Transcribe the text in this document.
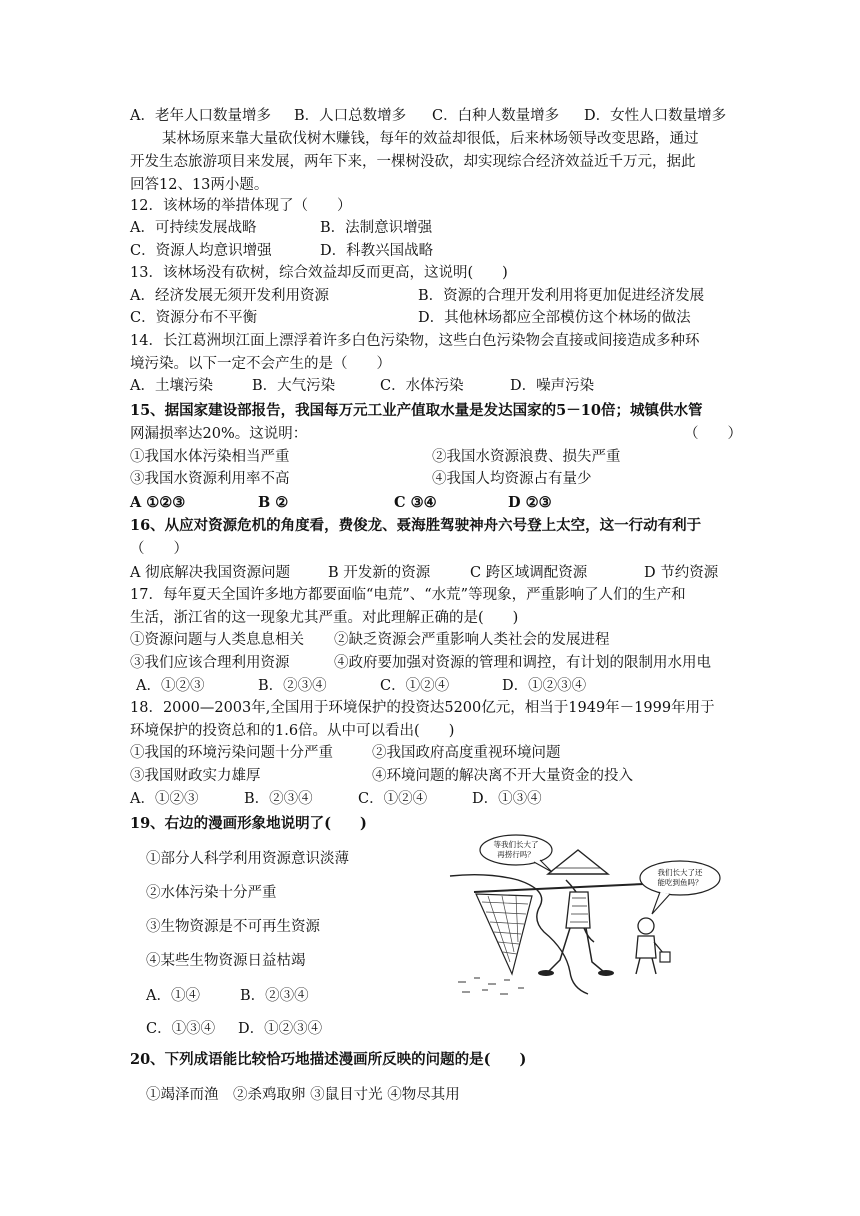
A．老年人口数量增多 B．人口总数增多 C．白种人数量增多 D．女性人口数量增多
某林场原来靠大量砍伐树木赚钱，每年的效益却很低，后来林场领导改变思路，通过
开发生态旅游项目来发展，两年下来，一棵树没砍，却实现综合经济效益近千万元，据此
回答12、13两小题。
12．该林场的举措体现了（　　）
A．可持续发展战略	B．法制意识增强
C．资源人均意识增强	D．科教兴国战略
13．该林场没有砍树，综合效益却反而更高，这说明(　　)
A．经济发展无须开发利用资源	B．资源的合理开发利用将更加促进经济发展
C．资源分布不平衡	D．其他林场都应全部模仿这个林场的做法
14．长江葛洲坝江面上漂浮着许多白色污染物，这些白色污染物会直接或间接造成多种环
境污染。以下一定不会产生的是（　　）
A．土壤污染	B．大气污染	C．水体污染	D．噪声污染
15、据国家建设部报告，我国每万元工业产值取水量是发达国家的5－10倍；城镇供水管
网漏损率达20%。这说明：	（　　）
①我国水体污染相当严重	②我国水资源浪费、损失严重
③我国水资源利用率不高	④我国人均资源占有量少
A ①②③	B ②	C ③④	D ②③
16、从应对资源危机的角度看，费俊龙、聂海胜驾驶神舟六号登上太空，这一行动有利于
（　　）
A 彻底解决我国资源问题	B 开发新的资源	C 跨区域调配资源	D 节约资源
17．每年夏天全国许多地方都要面临“电荒”、“水荒”等现象，严重影响了人们的生产和
生活，浙江省的这一现象尤其严重。对此理解正确的是(　　)
①资源问题与人类息息相关 ②缺乏资源会严重影响人类社会的发展进程
③我们应该合理利用资源	④政府要加强对资源的管理和调控，有计划的限制用水用电
A．①②③	B．②③④	C．①②④	D．①②③④
18．2000—2003年,全国用于环境保护的投资达5200亿元，相当于1949年－1999年用于
环境保护的投资总和的1.6倍。从中可以看出(　　)
①我国的环境污染问题十分严重	②我国政府高度重视环境问题
③我国财政实力雄厚	④环境问题的解决离不开大量资金的投入
A．①②③	B．②③④	C．①②④	D．①③④
19、右边的漫画形象地说明了(　　)
①部分人科学利用资源意识淡薄
②水体污染十分严重
③生物资源是不可再生资源
④某些生物资源日益枯竭
A．①④	B．②③④
C．①③④ D．①②③④
等我们长大了
再捞行吗？
我们长大了还
能吃到鱼吗？
20、下列成语能比较恰巧地描述漫画所反映的问题的是(　　)
①竭泽而渔　②杀鸡取卵 ③鼠目寸光 ④物尽其用
